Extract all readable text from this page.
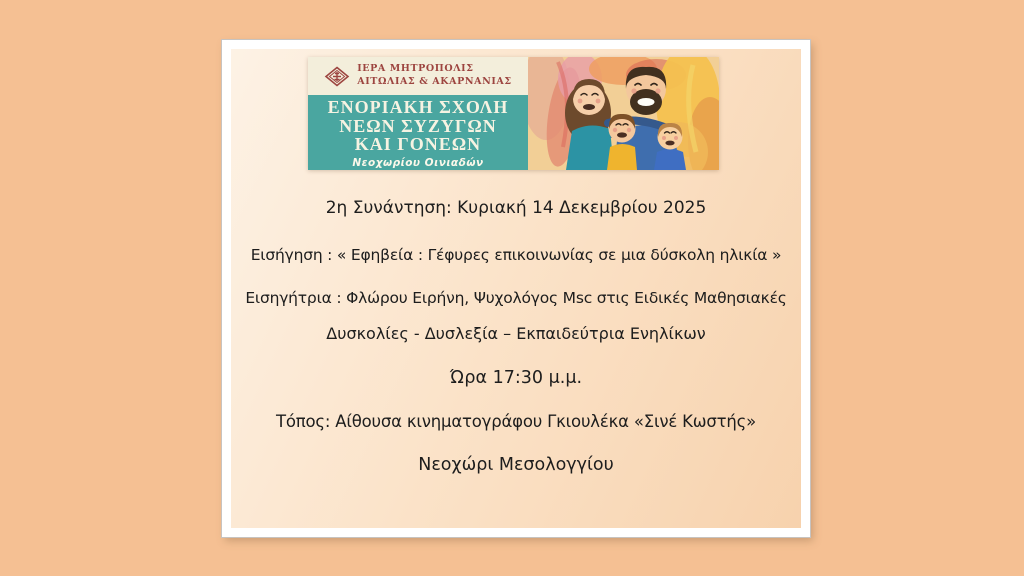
ΙΕΡΑ ΜΗΤΡΟΠΟΛΙΣ
ΑΙΤΩΛΙΑΣ & ΑΚΑΡΝΑΝΙΑΣ
ΕΝΟΡΙΑΚΗ ΣΧΟΛΗ
ΝΕΩΝ ΣΥΖΥΓΩΝ
ΚΑΙ ΓΟΝΕΩΝ
Νεοχωρίου Οινιαδών
2η Συνάντηση: Κυριακή 14 Δεκεμβρίου 2025
Εισήγηση : « Εφηβεία : Γέφυρες επικοινωνίας σε μια δύσκολη ηλικία »
Εισηγήτρια : Φλώρου Ειρήνη, Ψυχολόγος Msc στις Ειδικές Μαθησιακές
Δυσκολίες - Δυσλεξία – Εκπαιδεύτρια Ενηλίκων
Ώρα 17:30 μ.μ.
Τόπος: Αίθουσα κινηματογράφου Γκιουλέκα «Σινέ Κωστής»
Νεοχώρι Μεσολογγίου
